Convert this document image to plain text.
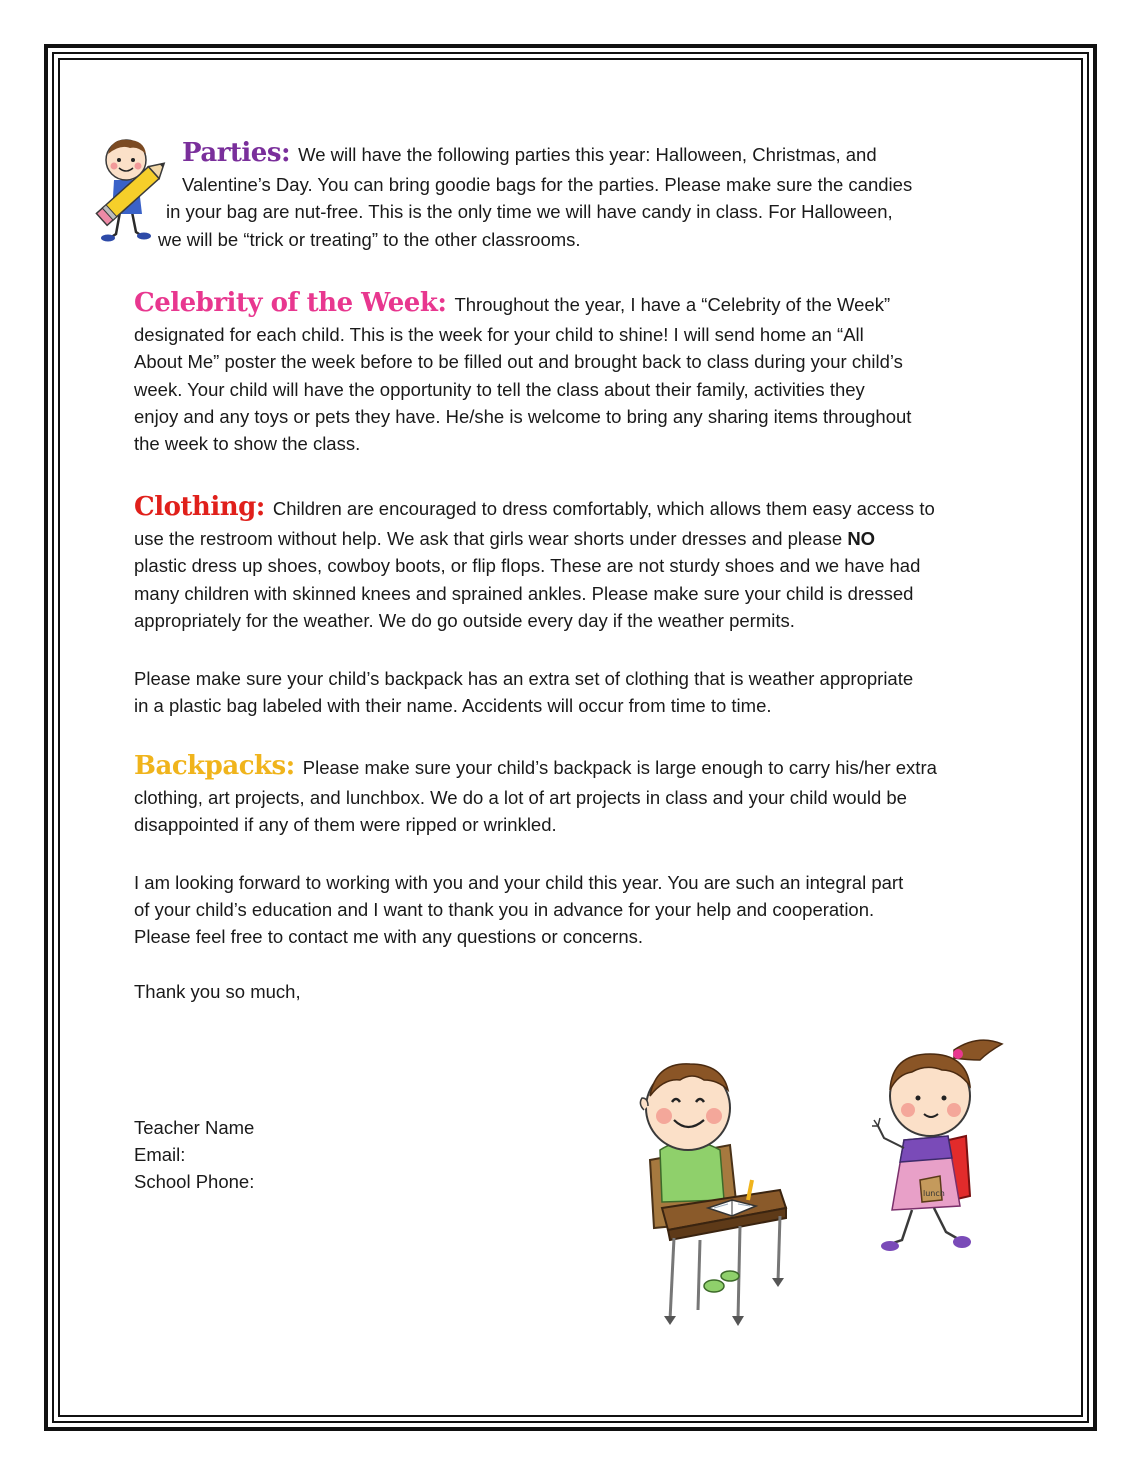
Parties: We will have the following parties this year: Halloween, Christmas, and
Valentine’s Day. You can bring goodie bags for the parties. Please make sure the candies
in your bag are nut-free. This is the only time we will have candy in class. For Halloween,
we will be “trick or treating” to the other classrooms.
Celebrity of the Week: Throughout the year, I have a “Celebrity of the Week”
designated for each child. This is the week for your child to shine! I will send home an “All
About Me” poster the week before to be filled out and brought back to class during your child’s
week. Your child will have the opportunity to tell the class about their family, activities they
enjoy and any toys or pets they have. He/she is welcome to bring any sharing items throughout
the week to show the class.
Clothing: Children are encouraged to dress comfortably, which allows them easy access to
use the restroom without help. We ask that girls wear shorts under dresses and please NO
plastic dress up shoes, cowboy boots, or flip flops. These are not sturdy shoes and we have had
many children with skinned knees and sprained ankles. Please make sure your child is dressed
appropriately for the weather. We do go outside every day if the weather permits.
Please make sure your child’s backpack has an extra set of clothing that is weather appropriate
in a plastic bag labeled with their name. Accidents will occur from time to time.
Backpacks: Please make sure your child’s backpack is large enough to carry his/her extra
clothing, art projects, and lunchbox. We do a lot of art projects in class and your child would be
disappointed if any of them were ripped or wrinkled.
I am looking forward to working with you and your child this year. You are such an integral part
of your child’s education and I want to thank you in advance for your help and cooperation.
Please feel free to contact me with any questions or concerns.
Thank you so much,
Teacher Name
Email:
School Phone:
lunch
